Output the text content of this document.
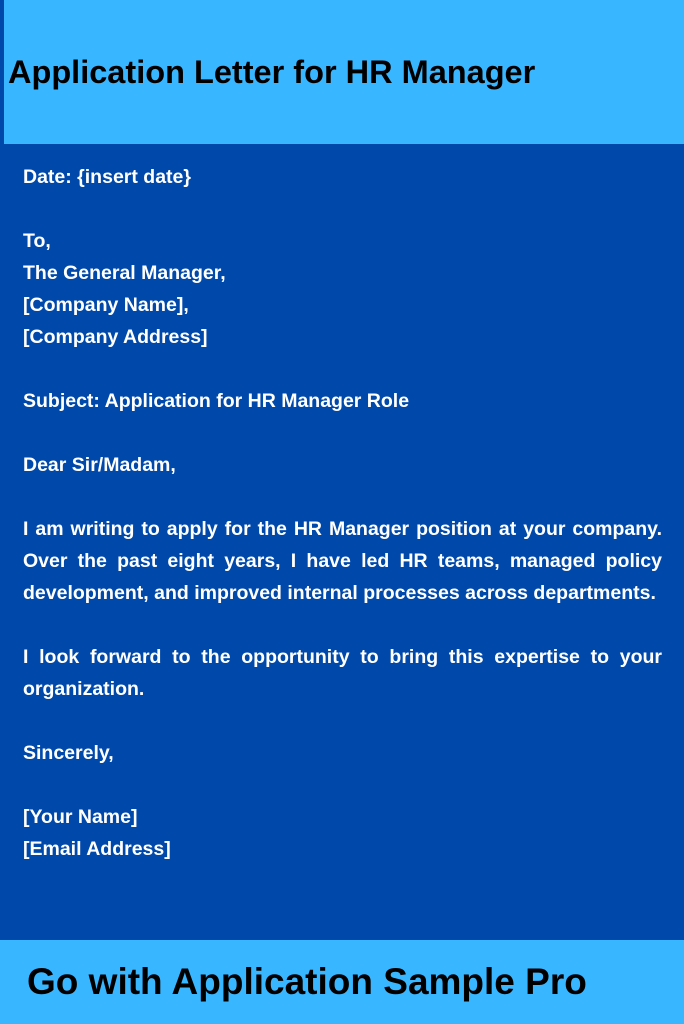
Application Letter for HR Manager
Date: {insert date}
To,
The General Manager,
[Company Name],
[Company Address]
Subject: Application for HR Manager Role
Dear Sir/Madam,
I am writing to apply for the HR Manager position at your company. Over the past eight years, I have led HR teams, managed policy development, and improved internal processes across departments.
I look forward to the opportunity to bring this expertise to your organization.
Sincerely,
[Your Name]
[Email Address]

Go with Application Sample Pro
